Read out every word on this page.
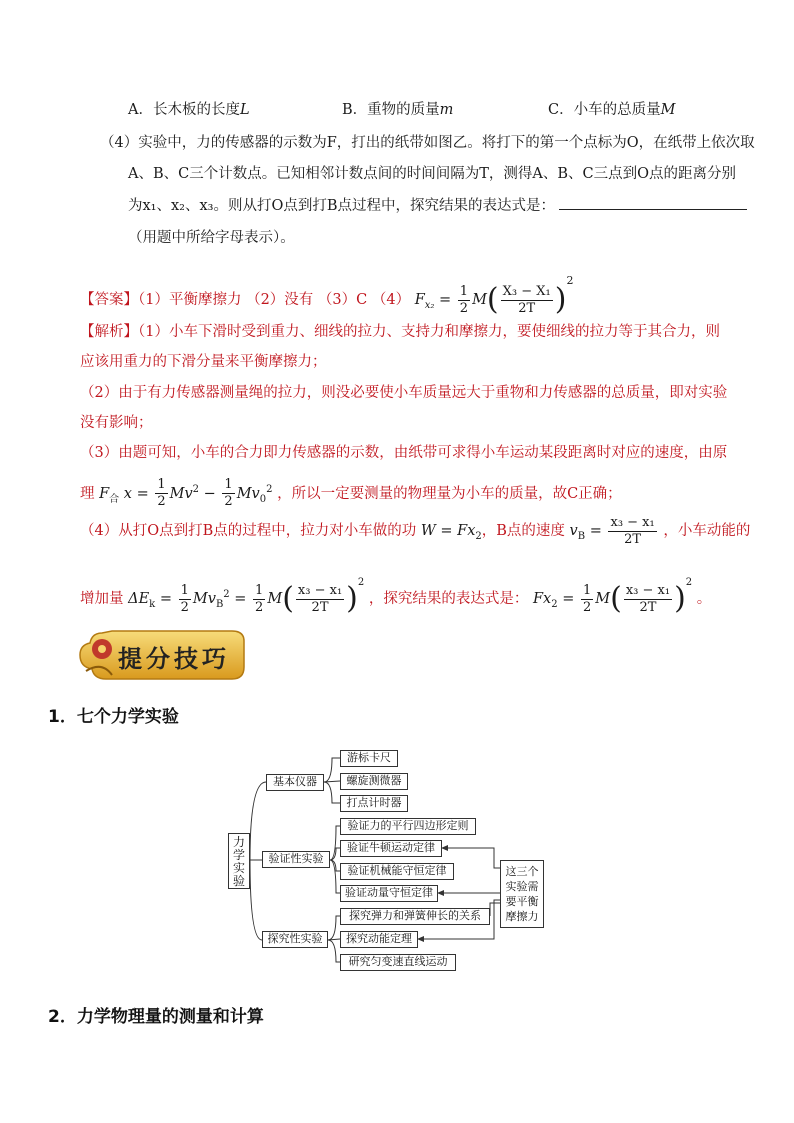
A．长木板的长度L	B．重物的质量m	C．小车的总质量M
（4）实验中，力的传感器的示数为F，打出的纸带如图乙。将打下的第一个点标为O，在纸带上依次取
A、B、C三个计数点。已知相邻计数点间的时间间隔为T，测得A、B、C三点到O点的距离分别
为x₁、x₂、x₃。则从打O点到打B点过程中，探究结果的表达式是：
（用题中所给字母表示）。
【答案】（1）平衡摩擦力 （2）没有 （3）C （4） $F_{x_2} = \frac{1}{2} M( \frac{\text{X₃ − X₁}}{2T} )^2$
【解析】（1）小车下滑时受到重力、细线的拉力、支持力和摩擦力，要使细线的拉力等于其合力，则
应该用重力的下滑分量来平衡摩擦力；
（2）由于有力传感器测量绳的拉力，则没必要使小车质量远大于重物和力传感器的总质量，即对实验
没有影响；
（3）由题可知，小车的合力即力传感器的示数，由纸带可求得小车运动某段距离时对应的速度，由原
理 $F_合$ $x = \frac{1}{2} Mv^2 - \frac{1}{2} Mv_0^2$ ，所以一定要测量的物理量为小车的质量，故C正确；
（4）从打O点到打B点的过程中，拉力对小车做的功 $W = Fx_2$，B点的速度 $v_B = \frac{\text{x₃ − x₁}}{2T}$ ，小车动能的
增加量 $\Delta E_k = \frac{1}{2} Mv_B^2 = \frac{1}{2} M( \frac{\text{x₃ − x₁}}{2T} )^2$ ，探究结果的表达式是： $Fx_2 = \frac{1}{2} M( \frac{\text{x₃ − x₁}}{2T} )^2$ 。
提分技巧
1．七个力学实验
2．力学物理量的测量和计算
力学实验
基本仪器
验证性实验
探究性实验
游标卡尺
螺旋测微器
打点计时器
验证力的平行四边形定则
验证牛顿运动定律
验证机械能守恒定律
验证动量守恒定律
探究弹力和弹簧伸长的关系
探究动能定理
研究匀变速直线运动
这三个实验需要平衡摩擦力
